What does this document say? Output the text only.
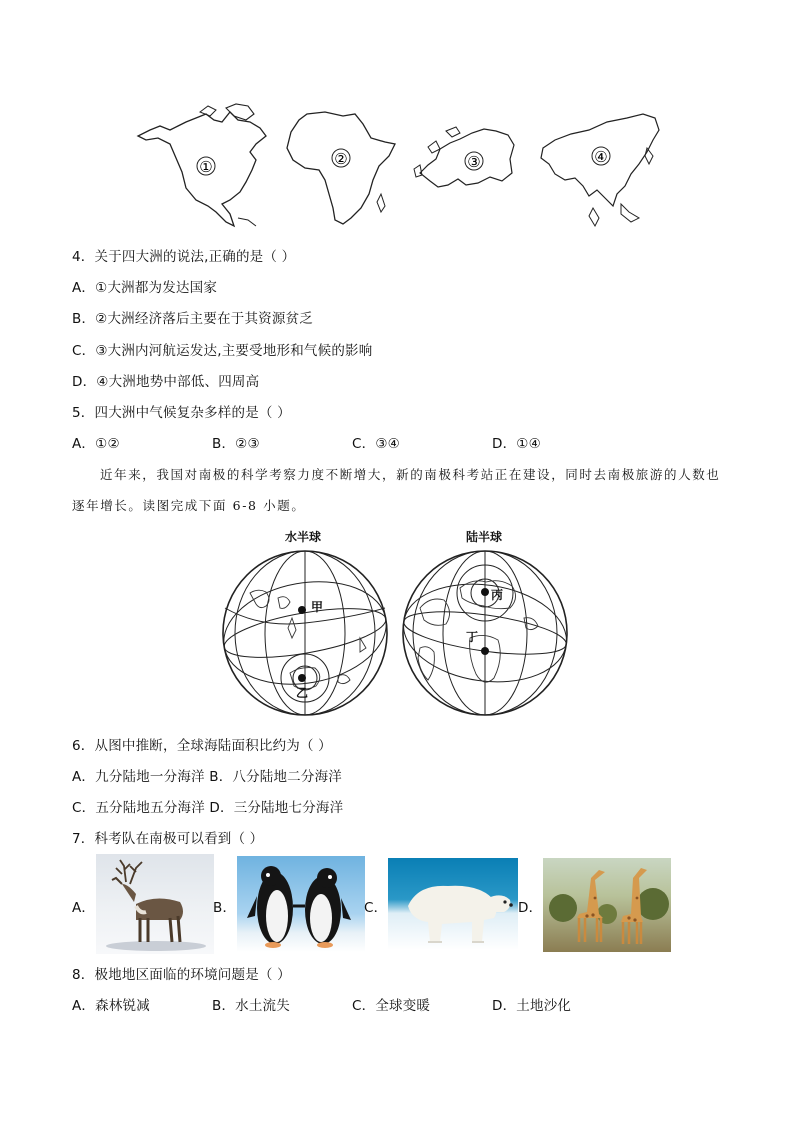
①	②	③	④
4．关于四大洲的说法,正确的是（ ）
A．①大洲都为发达国家
B．②大洲经济落后主要在于其资源贫乏
C．③大洲内河航运发达,主要受地形和气候的影响
D．④大洲地势中部低、四周高
5．四大洲中气候复杂多样的是（ ）
A．①②	B．②③	C．③④	D．①④
近年来，我国对南极的科学考察力度不断增大，新的南极科考站正在建设，同时去南极旅游的人数也
逐年增长。读图完成下面 6-8 小题。
水半球	陆半球
甲
乙
丙
丁
6．从图中推断，全球海陆面积比约为（ ）
A．九分陆地一分海洋 B．八分陆地二分海洋
C．五分陆地五分海洋 D．三分陆地七分海洋
7．科考队在南极可以看到（ ）
A．	B．	C．	D．
8．极地地区面临的环境问题是（ ）
A．森林锐减	B．水土流失	C．全球变暖	D．土地沙化
